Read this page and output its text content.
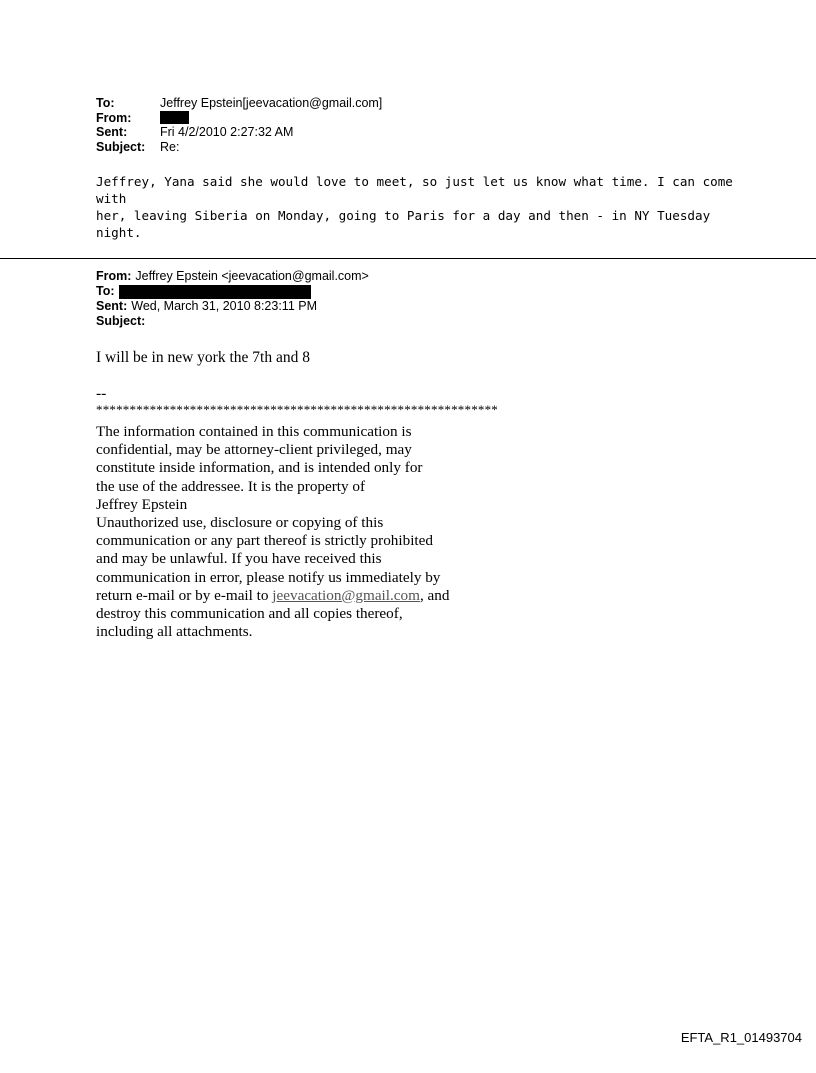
To:	Jeffrey Epstein[jeevacation@gmail.com]
From:
Sent:	Fri 4/2/2010 2:27:32 AM
Subject:	Re:
Jeffrey, Yana said she would love to meet, so just let us know what time. I can come with
her, leaving Siberia on Monday, going to Paris for a day and then - in NY Tuesday night.
From: Jeffrey Epstein <jeevacation@gmail.com>
To:
Sent: Wed, March 31, 2010 8:23:11 PM
Subject:
I will be in new york the 7th and 8
--
************************************************************
The information contained in this communication is
confidential, may be attorney-client privileged, may
constitute inside information, and is intended only for
the use of the addressee. It is the property of
Jeffrey Epstein
Unauthorized use, disclosure or copying of this
communication or any part thereof is strictly prohibited
and may be unlawful. If you have received this
communication in error, please notify us immediately by
return e-mail or by e-mail to jeevacation@gmail.com, and
destroy this communication and all copies thereof,
including all attachments.
EFTA_R1_01493704
